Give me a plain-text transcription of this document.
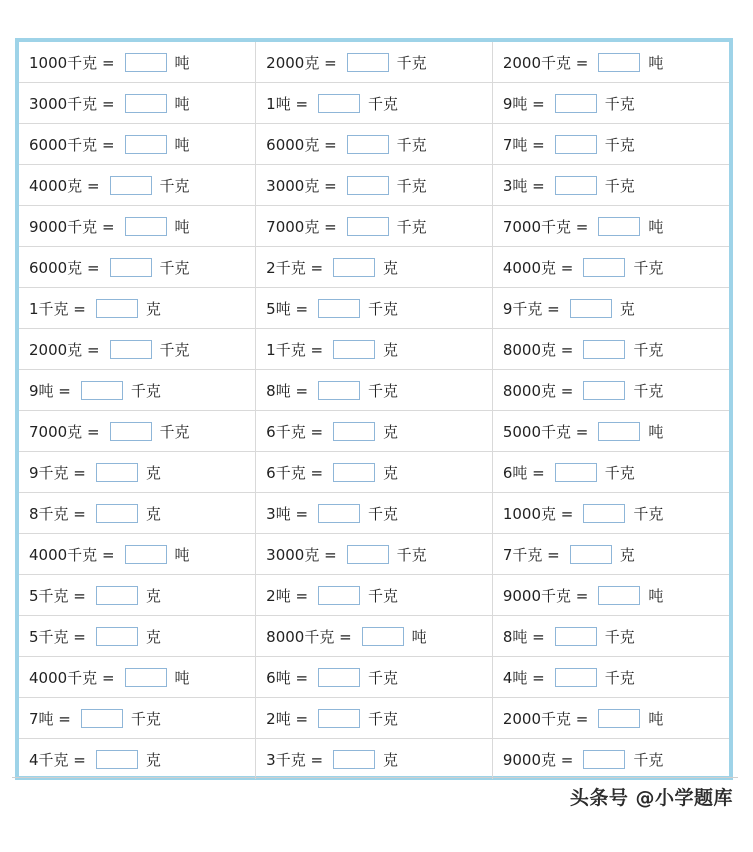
1000千克 = 吨	2000克 = 千克	2000千克 = 吨
3000千克 = 吨	1吨 = 千克	9吨 = 千克
6000千克 = 吨	6000克 = 千克	7吨 = 千克
4000克 = 千克	3000克 = 千克	3吨 = 千克
9000千克 = 吨	7000克 = 千克	7000千克 = 吨
6000克 = 千克	2千克 = 克	4000克 = 千克
1千克 = 克	5吨 = 千克	9千克 = 克
2000克 = 千克	1千克 = 克	8000克 = 千克
9吨 = 千克	8吨 = 千克	8000克 = 千克
7000克 = 千克	6千克 = 克	5000千克 = 吨
9千克 = 克	6千克 = 克	6吨 = 千克
8千克 = 克	3吨 = 千克	1000克 = 千克
4000千克 = 吨	3000克 = 千克	7千克 = 克
5千克 = 克	2吨 = 千克	9000千克 = 吨
5千克 = 克	8000千克 = 吨	8吨 = 千克
4000千克 = 吨	6吨 = 千克	4吨 = 千克
7吨 = 千克	2吨 = 千克	2000千克 = 吨
4千克 = 克	3千克 = 克	9000克 = 千克
头条号 @小学题库
